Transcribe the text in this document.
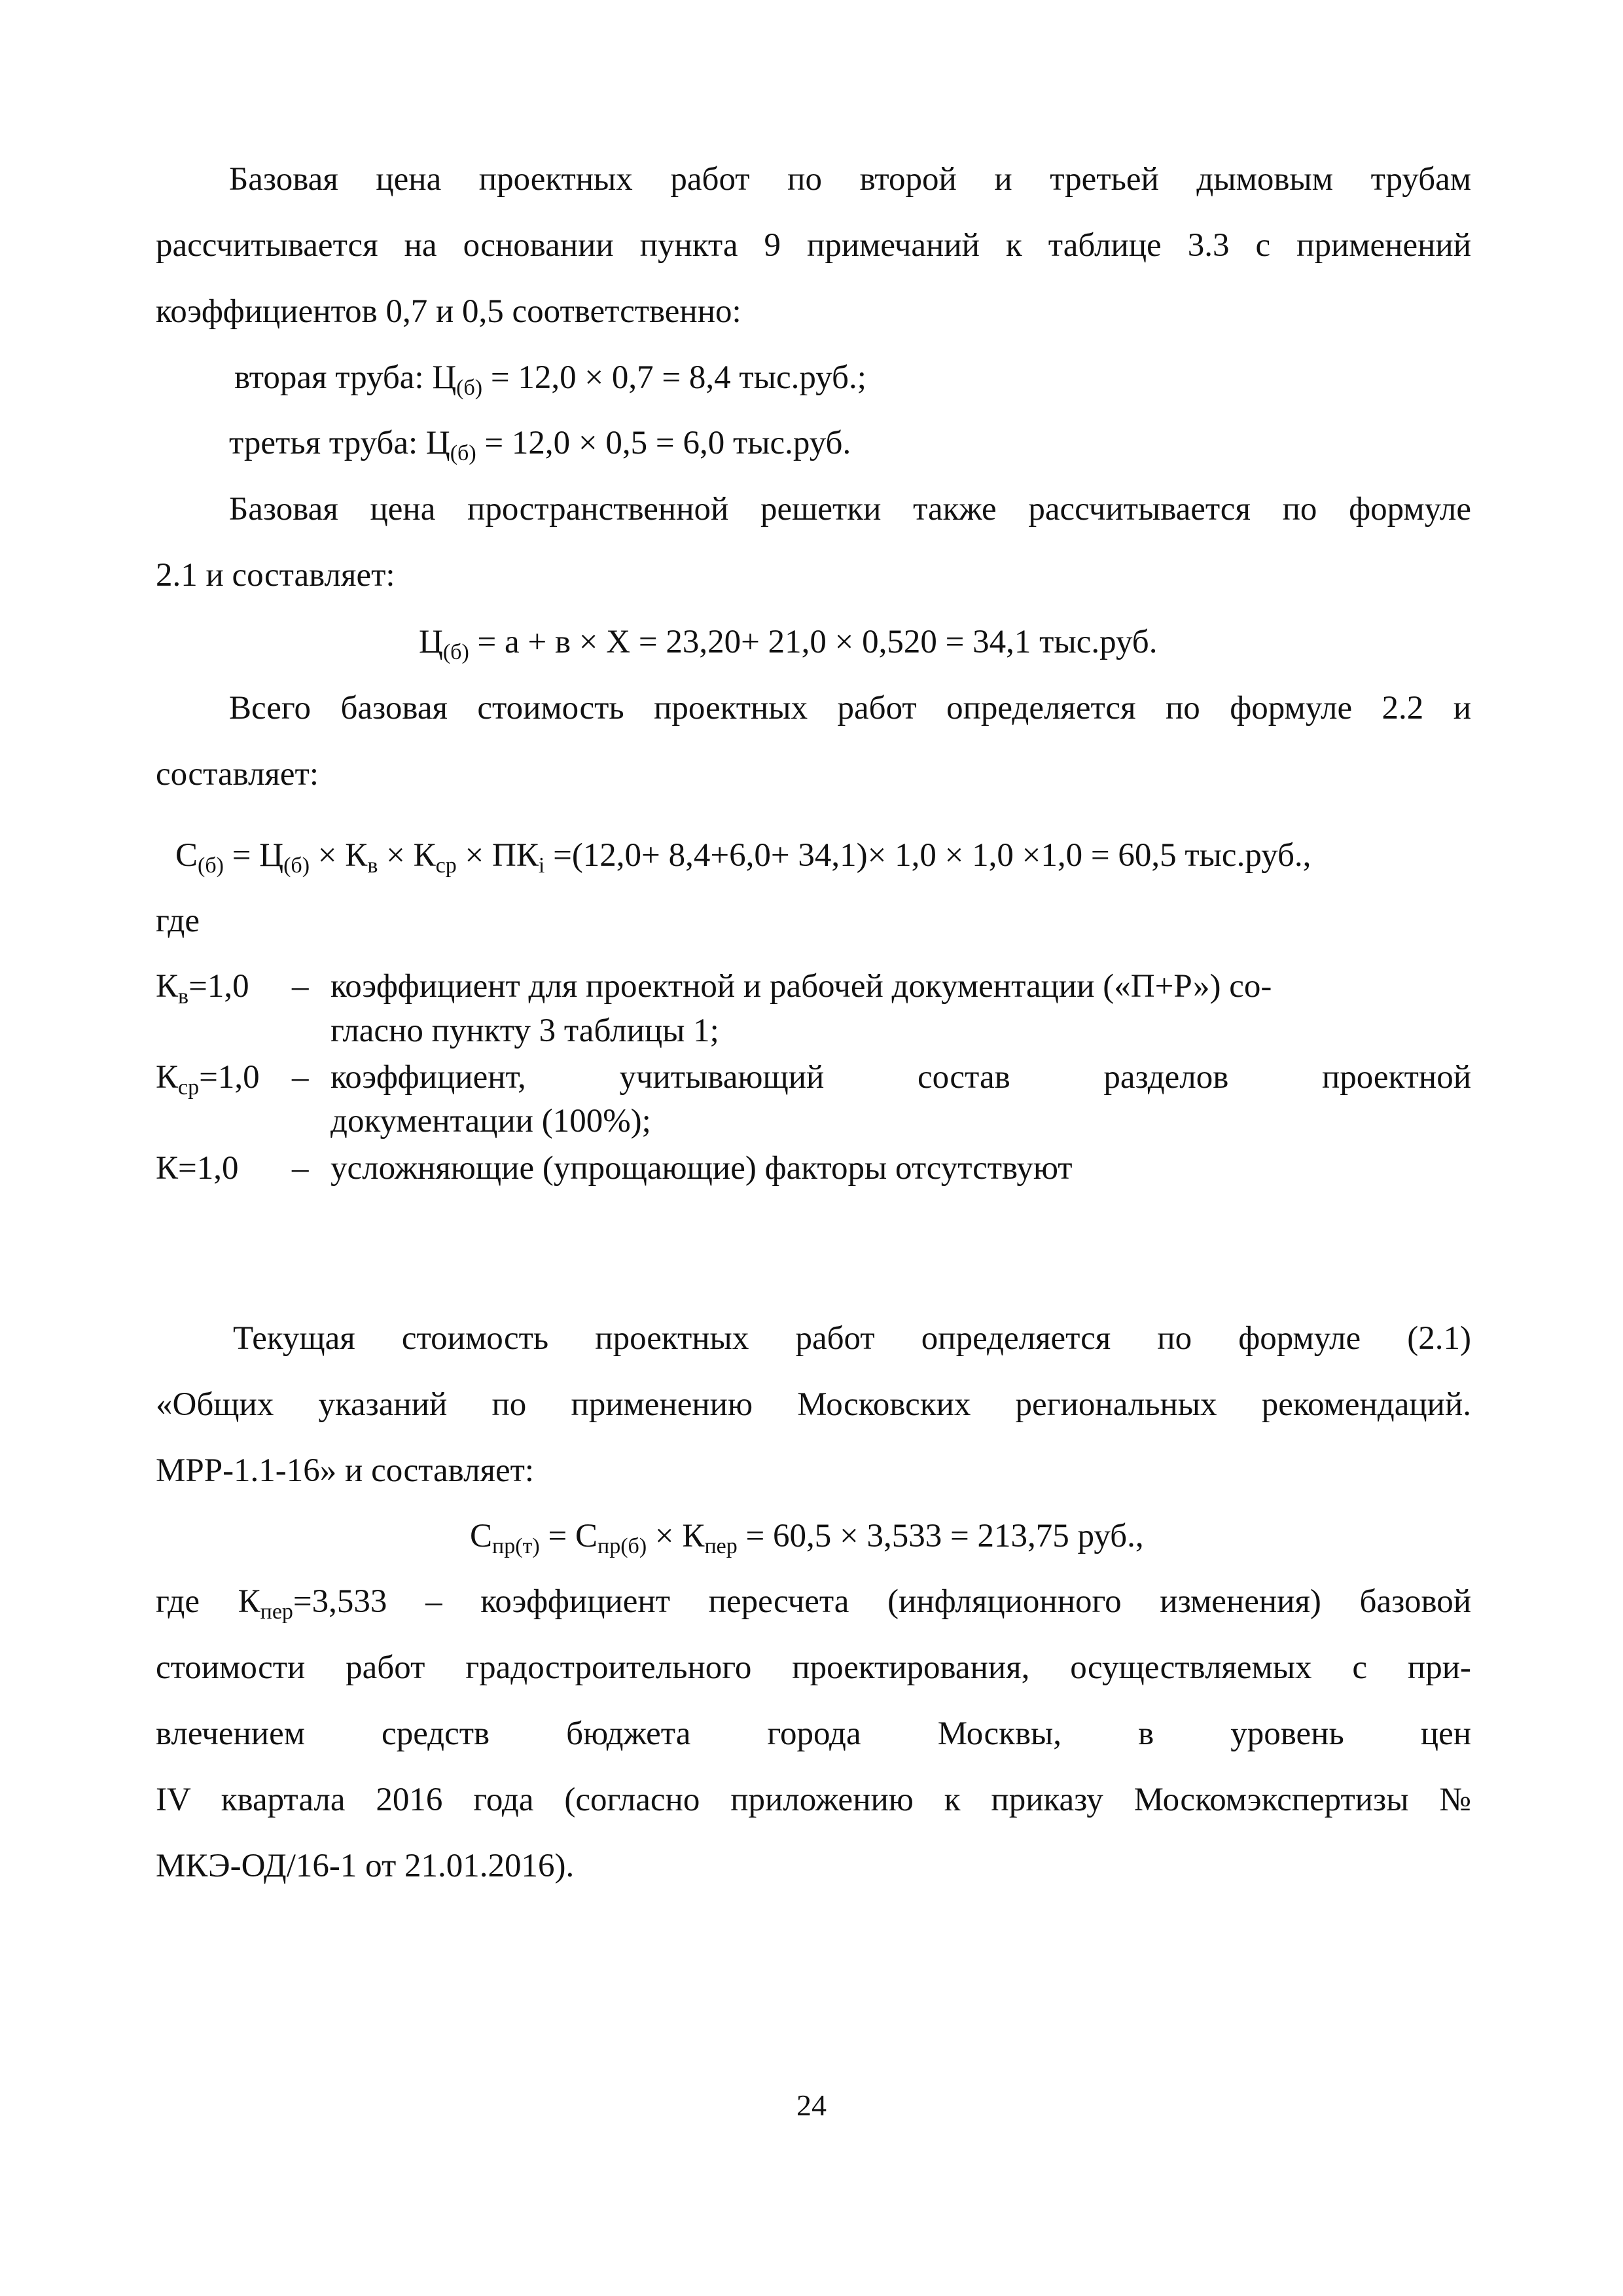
Базовая цена проектных работ по второй и третьей дымовым трубам
рассчитывается на основании пункта 9 примечаний к таблице 3.3 с применений
коэффициентов 0,7 и 0,5 соответственно:
вторая труба: $Ц_{(б)} = 12,0 \times 0,7 = 8,4$ тыс.руб.;
третья труба: $Ц_{(б)} = 12,0 \times 0,5 = 6,0$ тыс.руб.
Базовая цена пространственной решетки также рассчитывается по формуле
2.1 и составляет:
$Ц_{(б)} = а + в \times Х = 23,20+ 21,0 \times 0,520 = 34,1$ тыс.руб.
Всего базовая стоимость проектных работ определяется по формуле 2.2 и
составляет:
$С_{(б)} = Ц_{(б)} \times К_в \times К_{ср} \times ПК_i =(12,0+ 8,4+6,0+ 34,1)\times 1,0 \times 1,0 \times 1,0 = 60,5$ тыс.руб.,
где
$К_в=1,0$ – коэффициент для проектной и рабочей документации («П+Р») со-
гласно пункту 3 таблицы 1;
$К_{ср}=1,0$ – коэффициент, учитывающий состав разделов проектной
документации (100%);
К=1,0 – усложняющие (упрощающие) факторы отсутствуют
Текущая стоимость проектных работ определяется по формуле (2.1)
«Общих указаний по применению Московских региональных рекомендаций.
МРР-1.1-16» и составляет:
$С_{пр(т)} = С_{пр(б)} \times К_{пер} = 60,5 \times 3,533 = 213,75$ руб.,
где $К_{пер}=3,533$ – коэффициент пересчета (инфляционного изменения) базовой
стоимости работ градостроительного проектирования, осуществляемых с при-
влечением средств бюджета города Москвы, в уровень цен
IV квартала 2016 года (согласно приложению к приказу Москомэкспертизы №
МКЭ-ОД/16-1 от 21.01.2016).
24
